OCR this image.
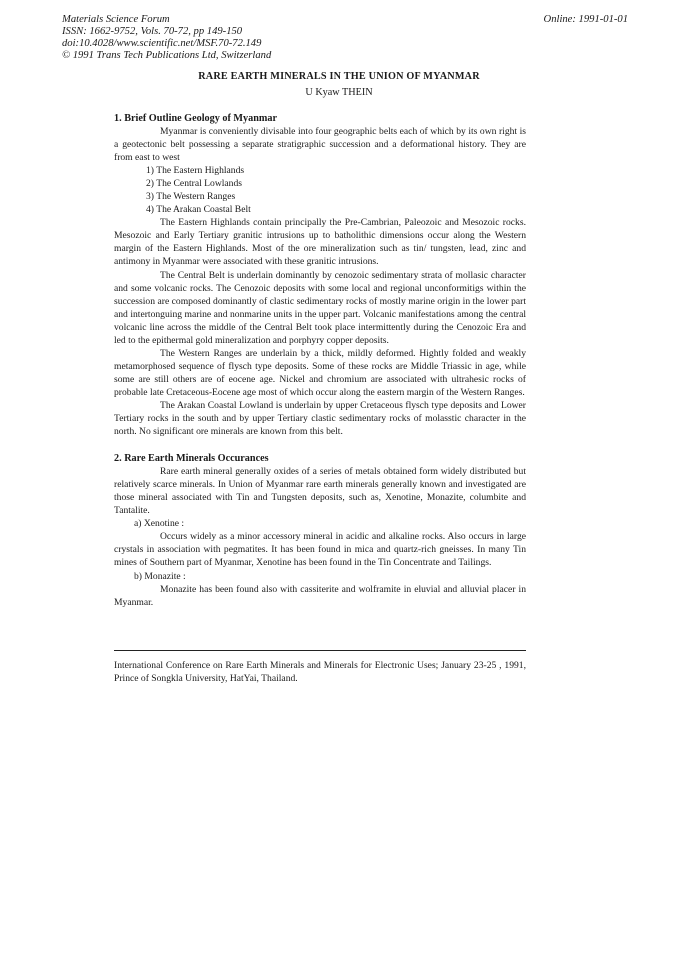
Materials Science Forum
ISSN: 1662-9752, Vols. 70-72, pp 149-150
doi:10.4028/www.scientific.net/MSF.70-72.149
© 1991 Trans Tech Publications Ltd, Switzerland
Online: 1991-01-01
RARE EARTH MINERALS IN THE UNION OF MYANMAR
U Kyaw THEIN
1. Brief Outline Geology of Myanmar

Myanmar is conveniently divisable into four geographic belts each of which by its own right is a geotectonic belt possessing a separate stratigraphic succession and a deformational history. They are from east to west

1) The Eastern Highlands
2) The Central Lowlands
3) The Western Ranges
4) The Arakan Coastal Belt

The Eastern Highlands contain principally the Pre-Cambrian, Paleozoic and Mesozoic rocks. Mesozoic and Early Tertiary granitic intrusions up to batholithic dimensions occur along the Western margin of the Eastern Highlands. Most of the ore mineralization such as tin/ tungsten, lead, zinc and antimony in Myanmar were associated with these granitic intrusions.

The Central Belt is underlain dominantly by cenozoic sedimentary strata of mollasic character and some volcanic rocks. The Cenozoic deposits with some local and regional unconformitigs within the succession are composed dominantly of clastic sedimentary rocks of mostly marine origin in the lower part and intertonguing marine and nonmarine units in the upper part. Volcanic manifestations among the central volcanic line across the middle of the Central Belt took place intermittently during the Cenozoic Era and led to the epithermal gold mineralization and porphyry copper deposits.

The Western Ranges are underlain by a thick, mildly deformed. Hightly folded and weakly metamorphosed sequence of flysch type deposits. Some of these rocks are Middle Triassic in age, while some are still others are of eocene age. Nickel and chromium are associated with ultrahesic rocks of probable late Cretaceous-Eocene age most of which occur along the eastern margin of the Western Ranges.

The Arakan Coastal Lowland is underlain by upper Cretaceous flysch type deposits and Lower Tertiary rocks in the south and by upper Tertiary clastic sedimentary rocks of molasstic character in the north. No significant ore minerals are known from this belt.

2. Rare Earth Minerals Occurances

Rare earth mineral generally oxides of a series of metals obtained form widely distributed but relatively scarce minerals. In Union of Myanmar rare earth minerals generally known and investigated are those mineral associated with Tin and Tungsten deposits, such as, Xenotine, Monazite, columbite and Tantalite.

a) Xenotine :

Occurs widely as a minor accessory mineral in acidic and alkaline rocks. Also occurs in large crystals in association with pegmatites. It has been found in mica and quartz-rich gneisses. In many Tin mines of Southern part of Myanmar, Xenotine has been found in the Tin Concentrate and Tailings.

b) Monazite :

Monazite has been found also with cassiterite and wolframite in eluvial and alluvial placer in Myanmar.

International Conference on Rare Earth Minerals and Minerals for Electronic Uses; January 23-25 , 1991, Prince of Songkla University, HatYai, Thailand.
